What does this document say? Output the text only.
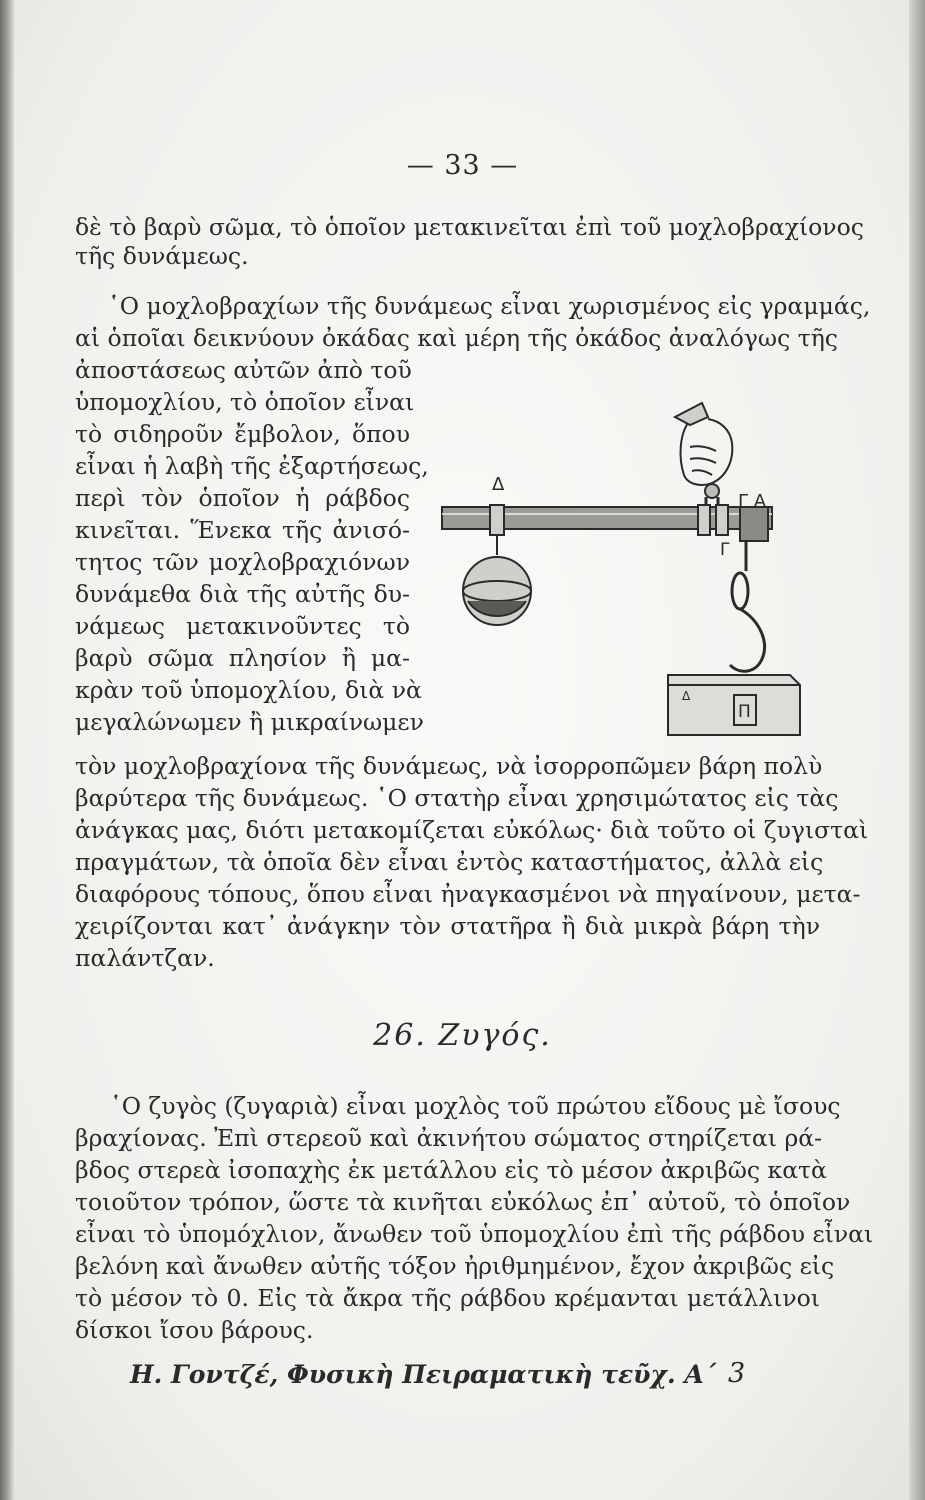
— 33 —
δὲ τὸ βαρὺ σῶμα, τὸ ὁποῖον μετακινεῖται ἐπὶ τοῦ μοχλοβραχίονος
τῆς δυνάμεως.
῾Ο μοχλοβραχίων τῆς δυνάμεως εἶναι χωρισμένος εἰς γραμμάς,
αἱ ὁποῖαι δεικνύουν ὀκάδας καὶ μέρη τῆς ὀκάδος ἀναλόγως τῆς
ἀποστάσεως αὐτῶν ἀπὸ τοῦ
ὑπομοχλίου, τὸ ὁποῖον εἶναι
τὸ σιδηροῦν ἔμβολον, ὅπου
εἶναι ἡ λαβὴ τῆς ἐξαρτήσεως,
περὶ τὸν ὁποῖον ἡ ράβδος
κινεῖται. Ἕνεκα τῆς ἀνισό-
τητος τῶν μοχλοβραχιόνων
δυνάμεθα διὰ τῆς αὐτῆς δυ-
νάμεως μετακινοῦντες τὸ
βαρὺ σῶμα πλησίον ἢ μα-
κρὰν τοῦ ὑπομοχλίου, διὰ νὰ
μεγαλώνωμεν ἢ μικραίνωμεν
τὸν μοχλοβραχίονα τῆς δυνάμεως, νὰ ἰσορροπῶμεν βάρη πολὺ
βαρύτερα τῆς δυνάμεως. ῾Ο στατὴρ εἶναι χρησιμώτατος εἰς τὰς
ἀνάγκας μας, διότι μετακομίζεται εὐκόλως· διὰ τοῦτο οἱ ζυγισταὶ
πραγμάτων, τὰ ὁποῖα δὲν εἶναι ἐντὸς καταστήματος, ἀλλὰ εἰς
διαφόρους τόπους, ὅπου εἶναι ἠναγκασμένοι νὰ πηγαίνουν, μετα-
χειρίζονται κατ᾿ ἀνάγκην τὸν στατῆρα ἢ διὰ μικρὰ βάρη τὴν
παλάντζαν.
26. Ζυγός.
῾Ο ζυγὸς (ζυγαριὰ) εἶναι μοχλὸς τοῦ πρώτου εἴδους μὲ ἴσους
βραχίονας. Ἐπὶ στερεοῦ καὶ ἀκινήτου σώματος στηρίζεται ρά-
βδος στερεὰ ἰσοπαχὴς ἐκ μετάλλου εἰς τὸ μέσον ἀκριβῶς κατὰ
τοιοῦτον τρόπον, ὥστε τὰ κινῆται εὐκόλως ἐπ᾿ αὐτοῦ, τὸ ὁποῖον
εἶναι τὸ ὑπομόχλιον, ἄνωθεν τοῦ ὑπομοχλίου ἐπὶ τῆς ράβδου εἶναι
βελόνη καὶ ἄνωθεν αὐτῆς τόξον ἠριθμημένον, ἔχον ἀκριβῶς εἰς
τὸ μέσον τὸ 0. Εἰς τὰ ἄκρα τῆς ράβδου κρέμανται μετάλλινοι
δίσκοι ἴσου βάρους.
Δ
Γ Α
Γ
Π
Δ
Η. Γοντζέ, Φυσικὴ Πειραματικὴ τεῦχ. Α΄ 3
